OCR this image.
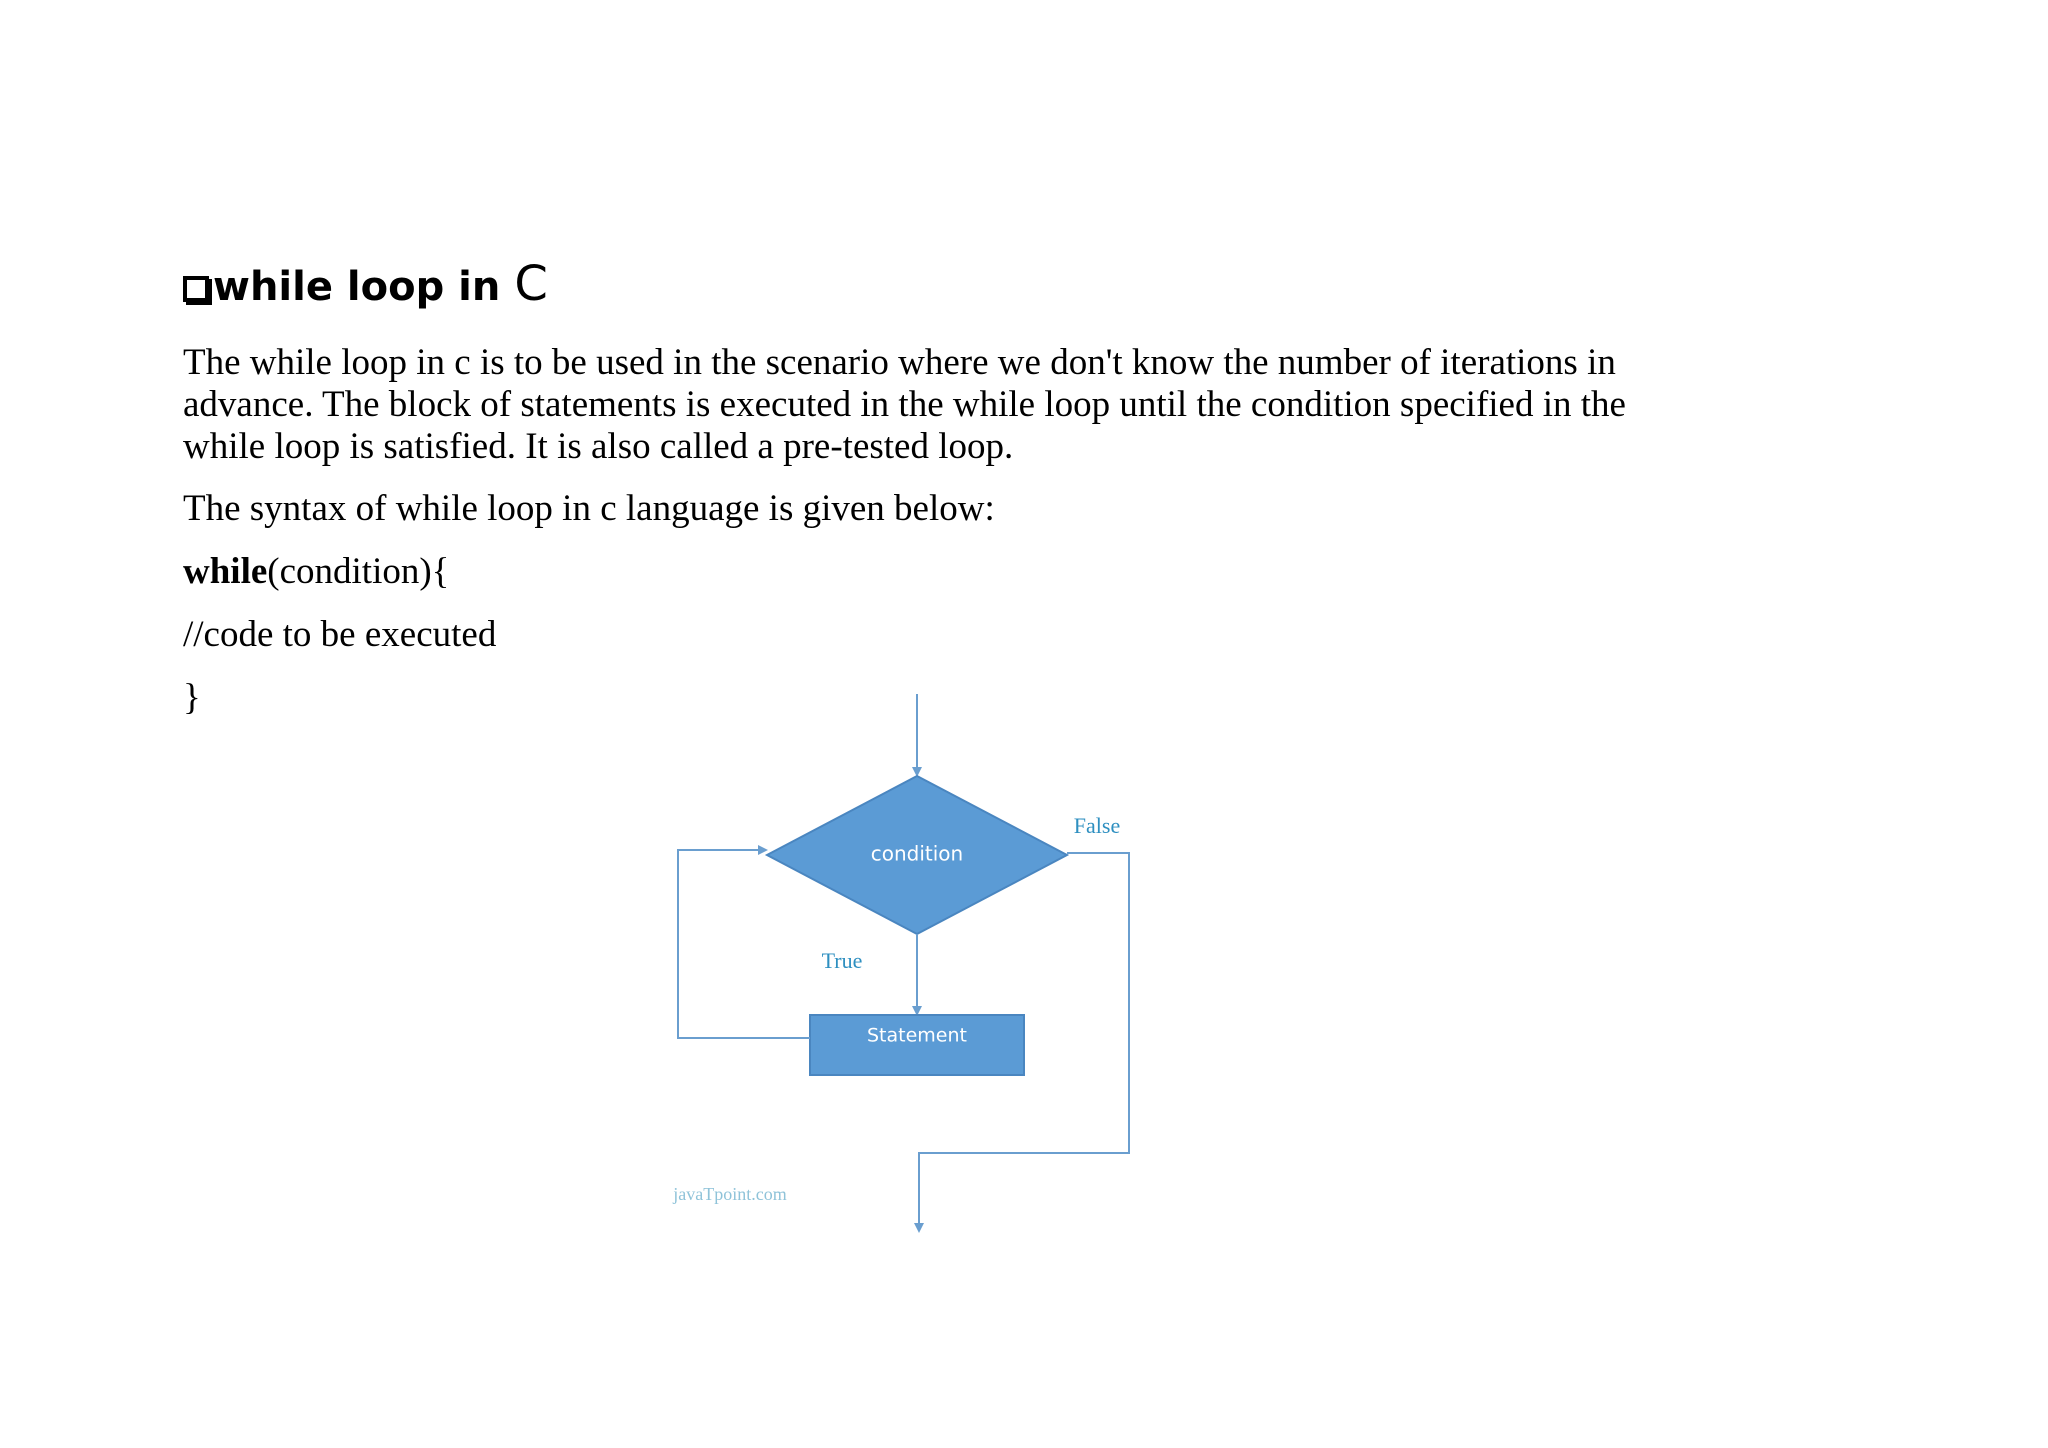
while loop in C
The while loop in c is to be used in the scenario where we don't know the number of iterations in
advance. The block of statements is executed in the while loop until the condition specified in the
while loop is satisfied. It is also called a pre-tested loop.
The syntax of while loop in c language is given below:
while(condition){
//code to be executed
}
condition
True
Statement
False
javaTpoint.com
